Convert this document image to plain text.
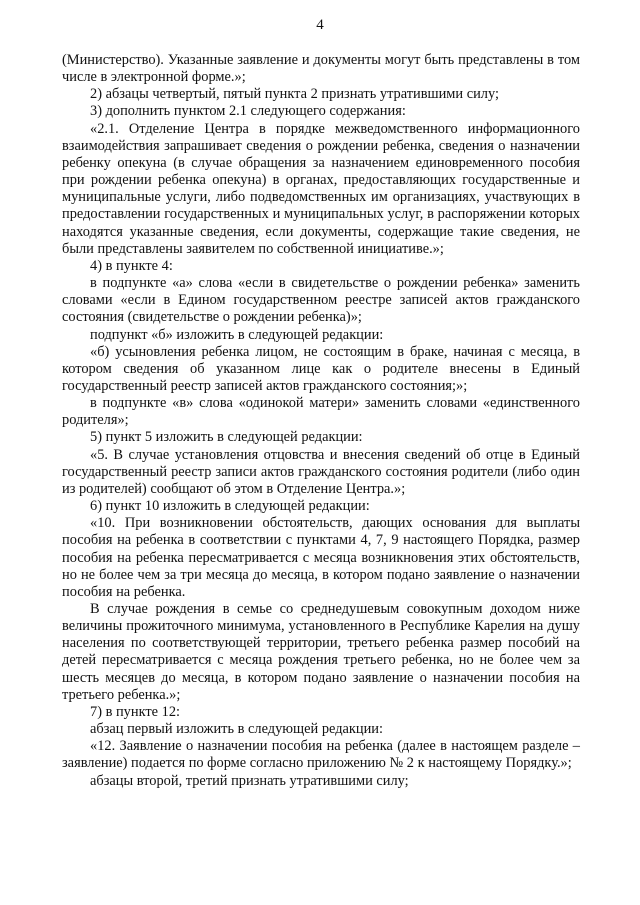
4

(Министерство). Указанные заявление и документы могут быть представлены в том числе в электронной форме.»;

2) абзацы четвертый, пятый пункта 2 признать утратившими силу;

3) дополнить пунктом 2.1 следующего содержания:

«2.1. Отделение Центра в порядке межведомственного информационного взаимодействия запрашивает сведения о рождении ребенка, сведения о назначении ребенку опекуна (в случае обращения за назначением единовременного пособия при рождении ребенка опекуна) в органах, предоставляющих государственные и муниципальные услуги, либо подведомственных им организациях, участвующих в предоставлении государственных и муниципальных услуг, в распоряжении которых находятся указанные сведения, если документы, содержащие такие сведения, не были представлены заявителем по собственной инициативе.»;

4) в пункте 4:

в подпункте «а» слова «если в свидетельстве о рождении ребенка» заменить словами «если в Едином государственном реестре записей актов гражданского состояния (свидетельстве о рождении ребенка)»;

подпункт «б» изложить в следующей редакции:

«б) усыновления ребенка лицом, не состоящим в браке, начиная с месяца, в котором сведения об указанном лице как о родителе внесены в Единый государственный реестр записей актов гражданского состояния;»;

в подпункте «в» слова «одинокой матери» заменить словами «единственного родителя»;

5) пункт 5 изложить в следующей редакции:

«5. В случае установления отцовства и внесения сведений об отце в Единый государственный реестр записи актов гражданского состояния родители (либо один из родителей) сообщают об этом в Отделение Центра.»;

6) пункт 10 изложить в следующей редакции:

«10. При возникновении обстоятельств, дающих основания для выплаты пособия на ребенка в соответствии с пунктами 4, 7, 9 настоящего Порядка, размер пособия на ребенка пересматривается с месяца возникновения этих обстоятельств, но не более чем за три месяца до месяца, в котором подано заявление о назначении пособия на ребенка.

В случае рождения в семье со среднедушевым совокупным доходом ниже величины прожиточного минимума, установленного в Республике Карелия на душу населения по соответствующей территории, третьего ребенка размер пособий на детей пересматривается с месяца рождения третьего ребенка, но не более чем за шесть месяцев до месяца, в котором подано заявление о назначении пособия на третьего ребенка.»;

7) в пункте 12:

абзац первый изложить в следующей редакции:

«12. Заявление о назначении пособия на ребенка (далее в настоящем разделе – заявление) подается по форме согласно приложению № 2 к настоящему Порядку.»;

абзацы второй, третий признать утратившими силу;
